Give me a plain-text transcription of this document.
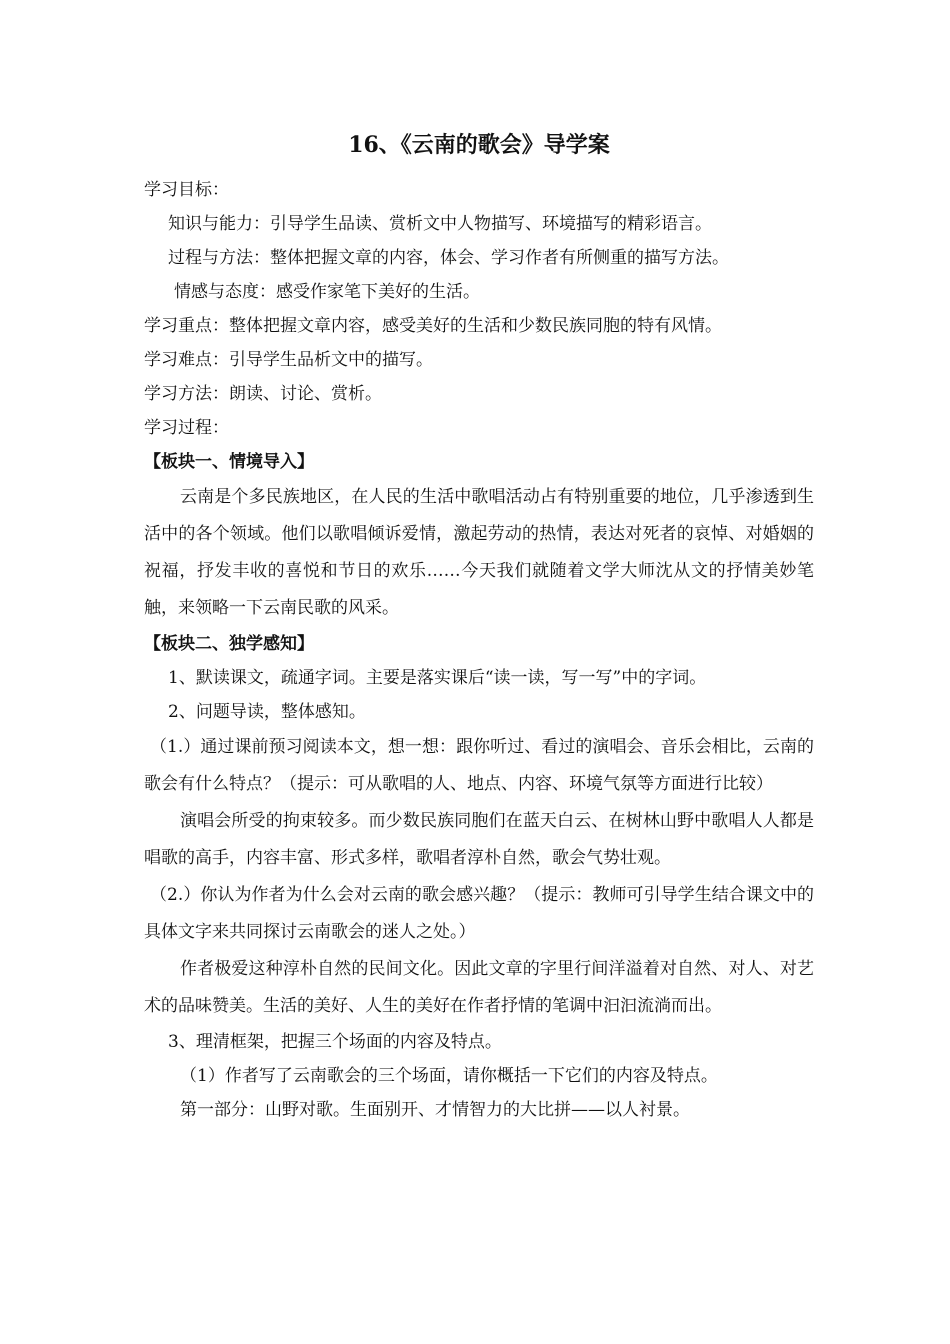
16、《云南的歌会》导学案

学习目标：

知识与能力：引导学生品读、赏析文中人物描写、环境描写的精彩语言。

过程与方法：整体把握文章的内容，体会、学习作者有所侧重的描写方法。

情感与态度：感受作家笔下美好的生活。

学习重点：整体把握文章内容，感受美好的生活和少数民族同胞的特有风情。

学习难点：引导学生品析文中的描写。

学习方法：朗读、讨论、赏析。

学习过程：

【板块一、情境导入】

云南是个多民族地区，在人民的生活中歌唱活动占有特别重要的地位，几乎渗透到生活中的各个领域。他们以歌唱倾诉爱情，激起劳动的热情，表达对死者的哀悼、对婚姻的祝福，抒发丰收的喜悦和节日的欢乐……今天我们就随着文学大师沈从文的抒情美妙笔触，来领略一下云南民歌的风采。

【板块二、独学感知】

1、默读课文，疏通字词。主要是落实课后“读一读，写一写”中的字词。

2、问题导读，整体感知。

（1.）通过课前预习阅读本文，想一想：跟你听过、看过的演唱会、音乐会相比，云南的歌会有什么特点？（提示：可从歌唱的人、地点、内容、环境气氛等方面进行比较）

演唱会所受的拘束较多。而少数民族同胞们在蓝天白云、在树林山野中歌唱人人都是唱歌的高手，内容丰富、形式多样，歌唱者淳朴自然，歌会气势壮观。

（2.）你认为作者为什么会对云南的歌会感兴趣？（提示：教师可引导学生结合课文中的具体文字来共同探讨云南歌会的迷人之处。）

作者极爱这种淳朴自然的民间文化。因此文章的字里行间洋溢着对自然、对人、对艺术的品味赞美。生活的美好、人生的美好在作者抒情的笔调中汩汩流淌而出。

3、理清框架，把握三个场面的内容及特点。

（1）作者写了云南歌会的三个场面，请你概括一下它们的内容及特点。

第一部分：山野对歌。生面别开、才情智力的大比拼——以人衬景。
